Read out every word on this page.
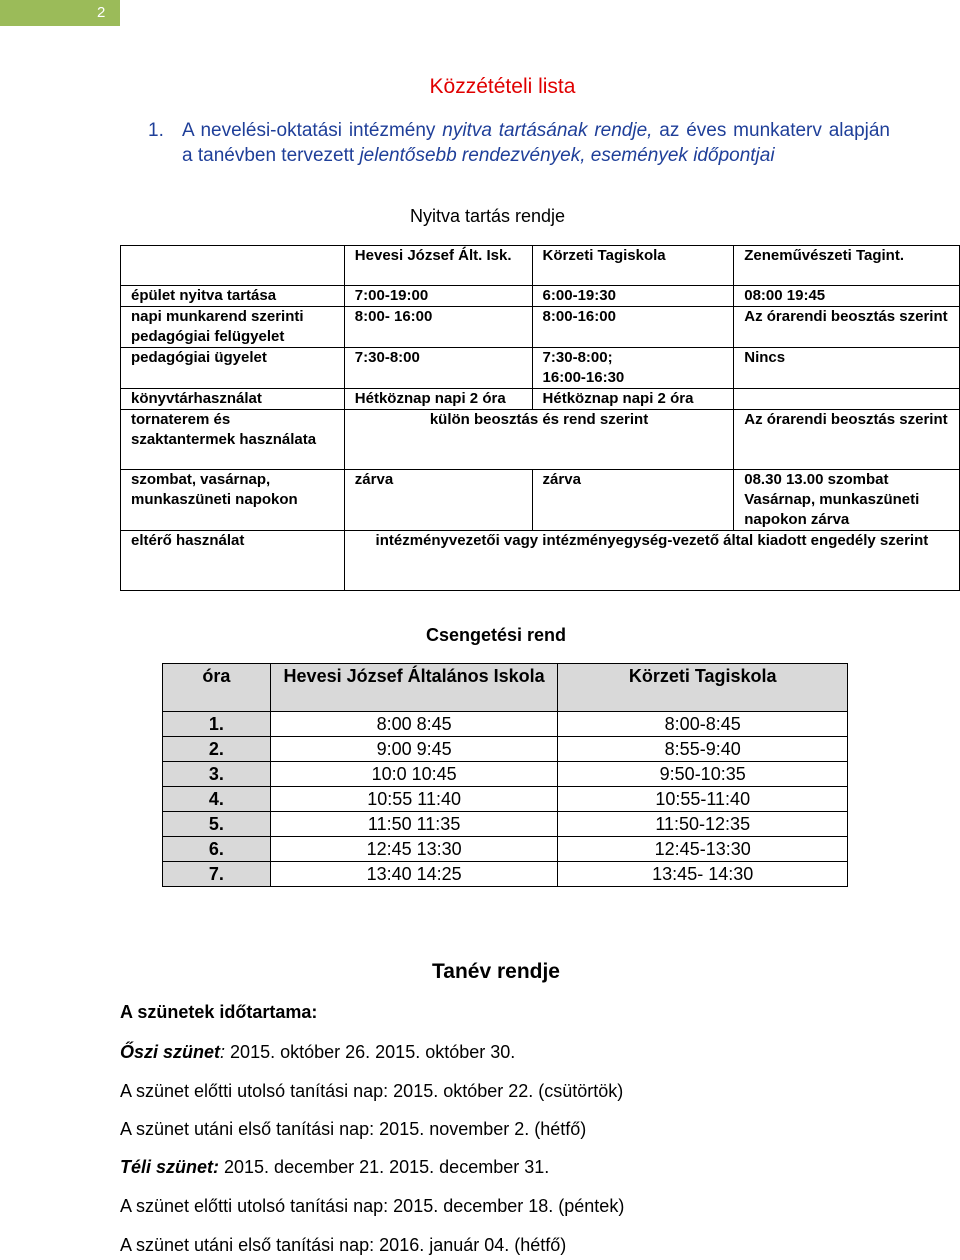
2
Közzétételi lista
1. A nevelési-oktatási intézmény nyitva tartásának rendje, az éves munkaterv alapján a tanévben tervezett jelentősebb rendezvények, események időpontjai
Nyitva tartás rendje
	Hevesi József Ált. Isk.	Körzeti Tagiskola	Zeneművészeti Tagint.
épület nyitva tartása	7:00-19:00	6:00-19:30	08:00 19:45
napi munkarend szerinti pedagógiai felügyelet	8:00- 16:00	8:00-16:00	Az órarendi beosztás szerint
pedagógiai ügyelet	7:30-8:00	7:30-8:00;
16:00-16:30	Nincs
könyvtárhasználat	Hétköznap napi 2 óra	Hétköznap napi 2 óra	
tornaterem és szaktantermek használata	külön beosztás és rend szerint		Az órarendi beosztás szerint
szombat, vasárnap, munkaszüneti napokon	zárva	zárva	08.30 13.00 szombat Vasárnap, munkaszüneti napokon zárva
eltérő használat	intézményvezetői vagy intézményegység-vezető által kiadott engedély szerint		
Csengetési rend
óra	Hevesi József Általános Iskola	Körzeti Tagiskola
1.	8:00 8:45	8:00-8:45
2.	9:00 9:45	8:55-9:40
3.	10:0 10:45	9:50-10:35
4.	10:55 11:40	10:55-11:40
5.	11:50 11:35	11:50-12:35
6.	12:45 13:30	12:45-13:30
7.	13:40 14:25	13:45- 14:30
Tanév rendje
A szünetek időtartama:
Őszi szünet: 2015. október 26. 2015. október 30.
A szünet előtti utolsó tanítási nap: 2015. október 22. (csütörtök)
A szünet utáni első tanítási nap: 2015. november 2. (hétfő)
Téli szünet: 2015. december 21. 2015. december 31.
A szünet előtti utolsó tanítási nap: 2015. december 18. (péntek)
A szünet utáni első tanítási nap: 2016. január 04. (hétfő)
